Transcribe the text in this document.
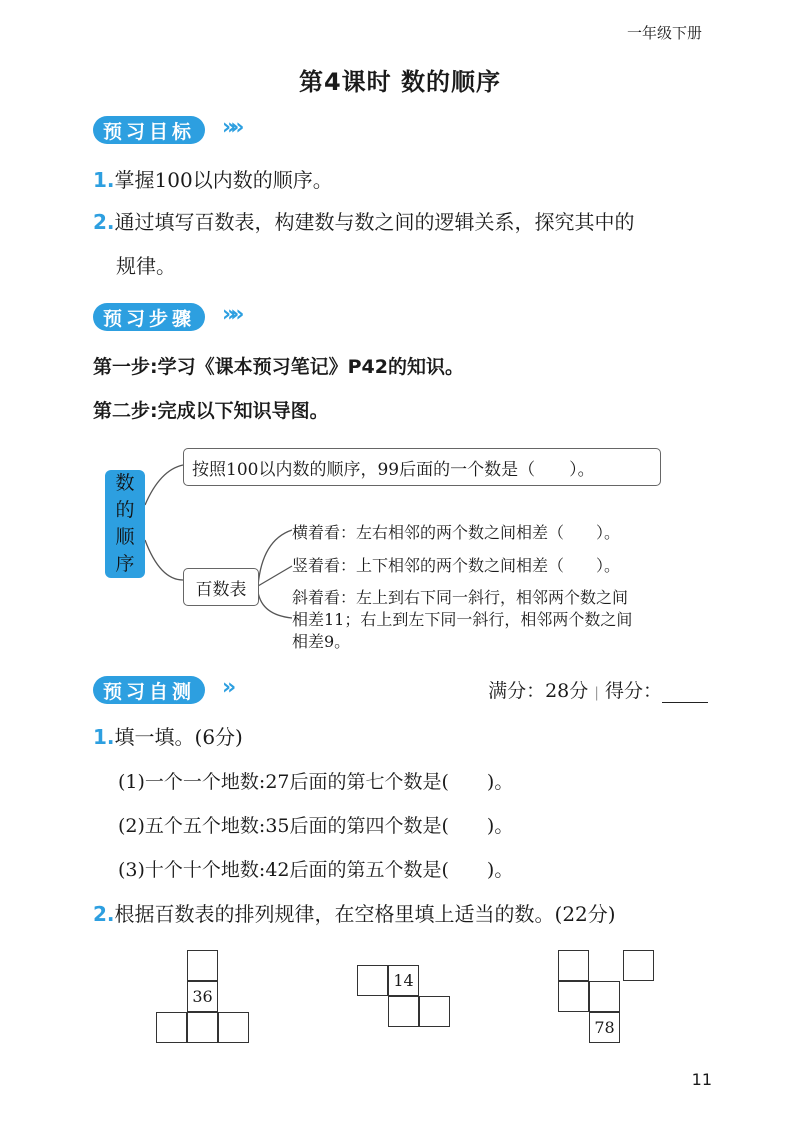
一年级下册
第4课时 数的顺序
预习目标 »»
1.掌握100以内数的顺序。
2.通过填写百数表，构建数与数之间的逻辑关系，探究其中的
规律。
预习步骤 »»
第一步:学习《课本预习笔记》P42的知识。
第二步:完成以下知识导图。
数
的
顺
序
按照100以内数的顺序，99后面的一个数是（　　）。
百数表
横着看：左右相邻的两个数之间相差（　　）。
竖着看：上下相邻的两个数之间相差（　　）。
斜着看：左上到右下同一斜行，相邻两个数之间
相差11；右上到左下同一斜行，相邻两个数之间
相差9。
预习自测 »	满分：28分 | 得分：
1.填一填。(6分)
(1)一个一个地数:27后面的第七个数是(　　)。
(2)五个五个地数:35后面的第四个数是(　　)。
(3)十个十个地数:42后面的第五个数是(　　)。
2.根据百数表的排列规律，在空格里填上适当的数。(22分)
36
14
78
11
